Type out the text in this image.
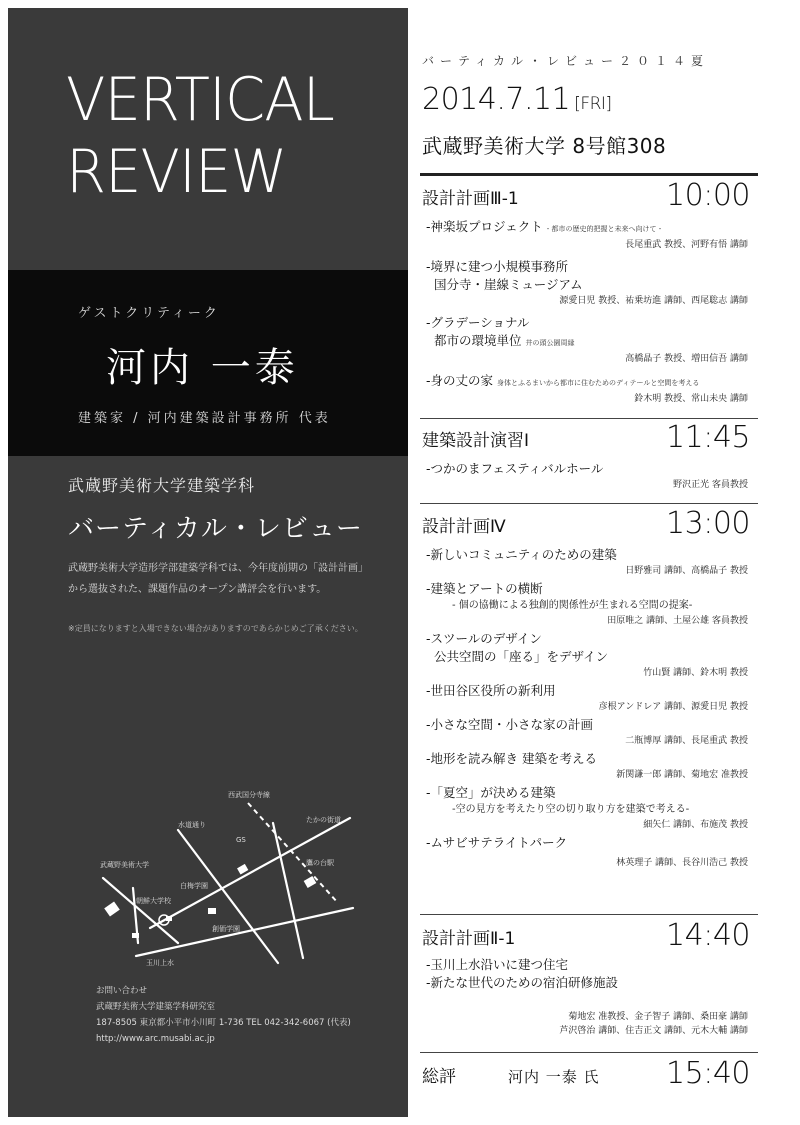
VERTICAL
REVIEW
ゲストクリティーク
河内 一泰
建築家 / 河内建築設計事務所 代表
武蔵野美術大学建築学科
バーティカル・レビュー
武蔵野美術大学造形学部建築学科では、今年度前期の「設計計画」
から選抜された、課題作品のオープン講評会を行います。
※定員になりますと入場できない場合がありますのであらかじめご了承ください。
西武国分寺線
水道通り
GS
たかの街道
鷹の台駅
武蔵野美術大学
白梅学園
朝鮮大学校
創価学園
玉川上水
お問い合わせ
武蔵野美術大学建築学科研究室
187-8505 東京都小平市小川町 1-736 TEL 042-342-6067 (代表)
http://www.arc.musabi.ac.jp
バーティカル・レビュー２０１４夏
2014.7.11 [FRI]
武蔵野美術大学 8号館308
設計計画Ⅲ-1	10:00
-神楽坂プロジェクト - 都市の歴史的把握と未来へ向けて -
長尾重武 教授、河野有悟 講師
-境界に建つ小規模事務所
国分寺・崖線ミュージアム
源愛日児 教授、祐乗坊進 講師、西尾聡志 講師
-グラデーショナル
都市の環境単位 井の頭公園周縁
高橋晶子 教授、増田信吾 講師
-身の丈の家 身体とふるまいから都市に住むためのディテールと空間を考える
鈴木明 教授、常山未央 講師
建築設計演習Ⅰ	11:45
-つかのまフェスティバルホール
野沢正光 客員教授
設計計画Ⅳ	13:00
-新しいコミュニティのための建築
日野雅司 講師、高橋晶子 教授
-建築とアートの横断
- 個の協働による独創的関係性が生まれる空間の提案-
田原唯之 講師、土屋公雄 客員教授
-スツールのデザイン
公共空間の「座る」をデザイン
竹山賢 講師、鈴木明 教授
-世田谷区役所の新利用
彦根アンドレア 講師、源愛日児 教授
-小さな空間・小さな家の計画
二瓶博厚 講師、長尾重武 教授
-地形を読み解き 建築を考える
新関謙一郎 講師、菊地宏 准教授
-「夏空」が決める建築
-空の見方を考えたり空の切り取り方を建築で考える-
細矢仁 講師、布施茂 教授
-ムサビサテライトパーク
林英理子 講師、長谷川浩己 教授
設計計画Ⅱ-1	14:40
-玉川上水沿いに建つ住宅
-新たな世代のための宿泊研修施設
菊地宏 准教授、金子智子 講師、桑田豪 講師
芦沢啓治 講師、住吉正文 講師、元木大輔 講師
総評	河内 一泰 氏 15:40
